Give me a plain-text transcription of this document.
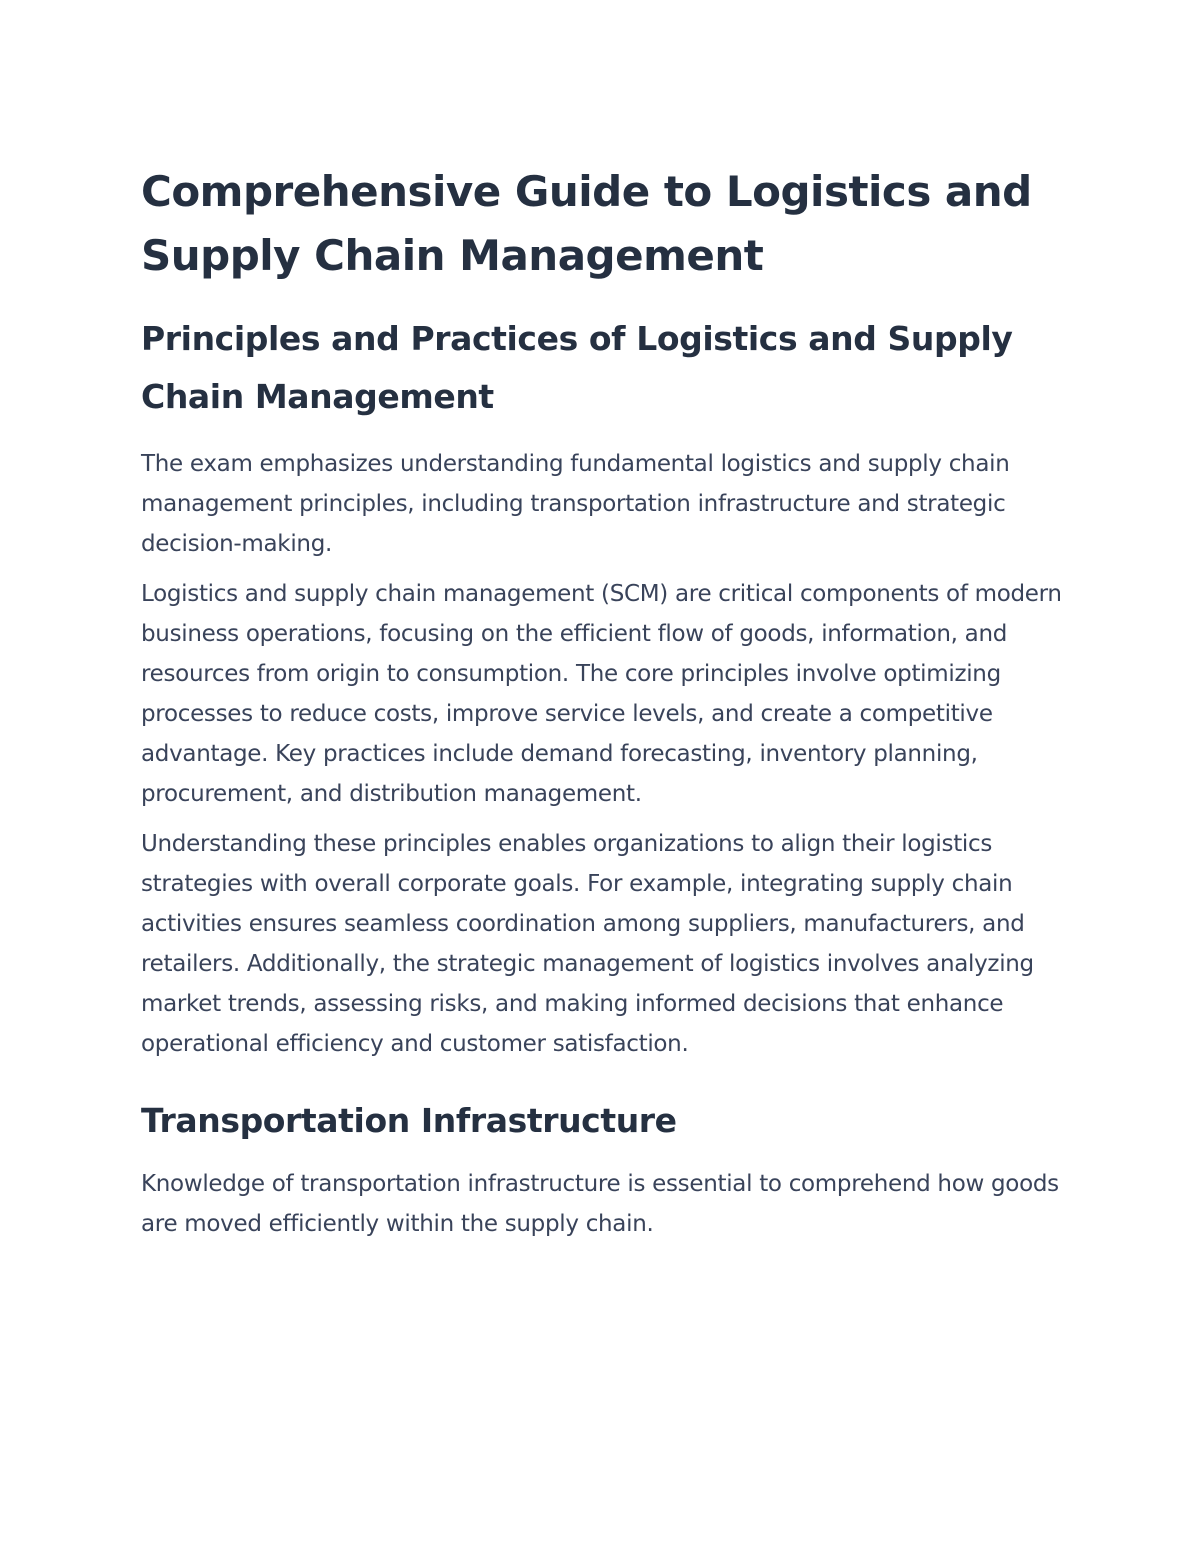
Comprehensive Guide to Logistics and Supply Chain Management
Principles and Practices of Logistics and Supply Chain Management

The exam emphasizes understanding fundamental logistics and supply chain management principles, including transportation infrastructure and strategic decision-making.

Logistics and supply chain management (SCM) are critical components of modern business operations, focusing on the efficient flow of goods, information, and resources from origin to consumption. The core principles involve optimizing processes to reduce costs, improve service levels, and create a competitive advantage. Key practices include demand forecasting, inventory planning, procurement, and distribution management.

Understanding these principles enables organizations to align their logistics strategies with overall corporate goals. For example, integrating supply chain activities ensures seamless coordination among suppliers, manufacturers, and retailers. Additionally, the strategic management of logistics involves analyzing market trends, assessing risks, and making informed decisions that enhance operational efficiency and customer satisfaction.

Transportation Infrastructure

Knowledge of transportation infrastructure is essential to comprehend how goods are moved efficiently within the supply chain.
